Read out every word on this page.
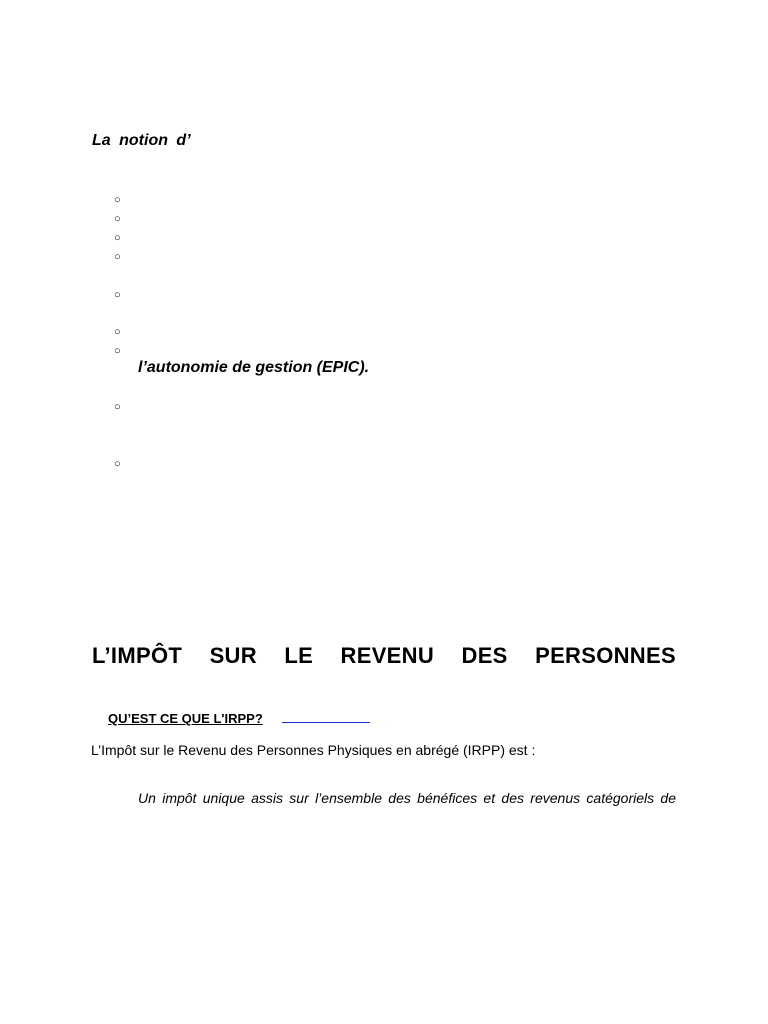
La notion d’
○
○
○
○
○
○
○
l’autonomie de gestion (EPIC).
○
○
L’IMPÔT SUR LE REVENU DES PERSONNES
QU’EST CE QUE L'IRPP?
L’Impôt sur le Revenu des Personnes Physiques en abrégé (IRPP) est :
Un impôt unique assis sur l’ensemble des bénéfices et des revenus catégoriels de
